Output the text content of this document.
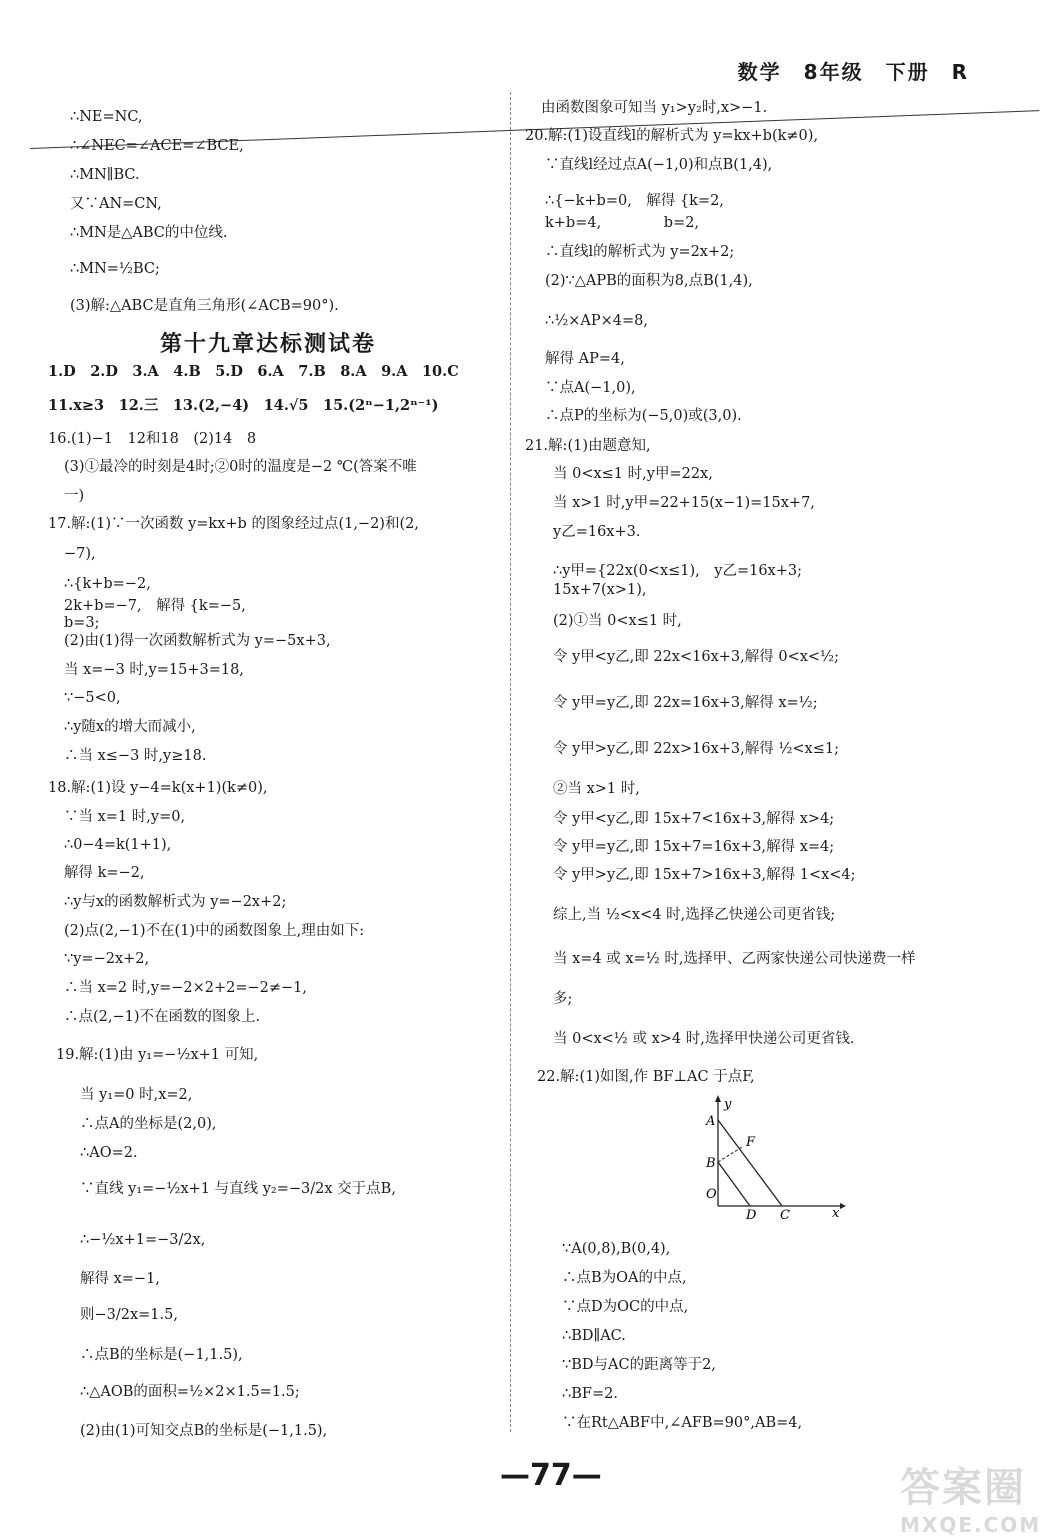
数学　8年级　下册　R
∴NE=NC,
∴∠NEC=∠ACE=∠BCE,
∴MN∥BC.
又∵AN=CN,
∴MN是△ABC的中位线.
∴MN=½BC;
(3)解:△ABC是直角三角形(∠ACB=90°).
第十九章达标测试卷
1.D　2.D　3.A　4.B　5.D　6.A　7.B　8.A　9.A　10.C
11.x≥3　12.三　13.(2,−4)　14.√5　15.(2ⁿ−1,2ⁿ⁻¹)
16.(1)−1　12和18　(2)14　8
(3)①最冷的时刻是4时;②0时的温度是−2 ℃(答案不唯
一)
17.解:(1)∵一次函数 y=kx+b 的图象经过点(1,−2)和(2,
−7),
∴{k+b=−2,
2k+b=−7,　解得 {k=−5,
b=3;
(2)由(1)得一次函数解析式为 y=−5x+3,
当 x=−3 时,y=15+3=18,
∵−5<0,
∴y随x的增大而减小,
∴当 x≤−3 时,y≥18.
18.解:(1)设 y−4=k(x+1)(k≠0),
∵当 x=1 时,y=0,
∴0−4=k(1+1),
解得 k=−2,
∴y与x的函数解析式为 y=−2x+2;
(2)点(2,−1)不在(1)中的函数图象上,理由如下:
∵y=−2x+2,
∴当 x=2 时,y=−2×2+2=−2≠−1,
∴点(2,−1)不在函数的图象上.
19.解:(1)由 y₁=−½x+1 可知,
当 y₁=0 时,x=2,
∴点A的坐标是(2,0),
∴AO=2.
∵直线 y₁=−½x+1 与直线 y₂=−3/2x 交于点B,
∴−½x+1=−3/2x,
解得 x=−1,
则−3/2x=1.5,
∴点B的坐标是(−1,1.5),
∴△AOB的面积=½×2×1.5=1.5;
(2)由(1)可知交点B的坐标是(−1,1.5),
由函数图象可知当 y₁>y₂时,x>−1.
20.解:(1)设直线l的解析式为 y=kx+b(k≠0),
∵直线l经过点A(−1,0)和点B(1,4),
∴{−k+b=0,　解得 {k=2,
k+b=4,　　　　 b=2,
∴直线l的解析式为 y=2x+2;
(2)∵△APB的面积为8,点B(1,4),
∴½×AP×4=8,
解得 AP=4,
∵点A(−1,0),
∴点P的坐标为(−5,0)或(3,0).
21.解:(1)由题意知,
当 0<x≤1 时,y甲=22x,
当 x>1 时,y甲=22+15(x−1)=15x+7,
y乙=16x+3.
∴y甲={22x(0<x≤1),　y乙=16x+3;
15x+7(x>1),
(2)①当 0<x≤1 时,
令 y甲<y乙,即 22x<16x+3,解得 0<x<½;
令 y甲=y乙,即 22x=16x+3,解得 x=½;
令 y甲>y乙,即 22x>16x+3,解得 ½<x≤1;
②当 x>1 时,
令 y甲<y乙,即 15x+7<16x+3,解得 x>4;
令 y甲=y乙,即 15x+7=16x+3,解得 x=4;
令 y甲>y乙,即 15x+7>16x+3,解得 1<x<4;
综上,当 ½<x<4 时,选择乙快递公司更省钱;
当 x=4 或 x=½ 时,选择甲、乙两家快递公司快递费一样
多;
当 0<x<½ 或 x>4 时,选择甲快递公司更省钱.
22.解:(1)如图,作 BF⊥AC 于点F,
A
y
F
B
O
D C	x
∵A(0,8),B(0,4),
∴点B为OA的中点,
∵点D为OC的中点,
∴BD∥AC.
∵BD与AC的距离等于2,
∴BF=2.
∵在Rt△ABF中,∠AFB=90°,AB=4,
—77—	答案圈
MXQE.COM
